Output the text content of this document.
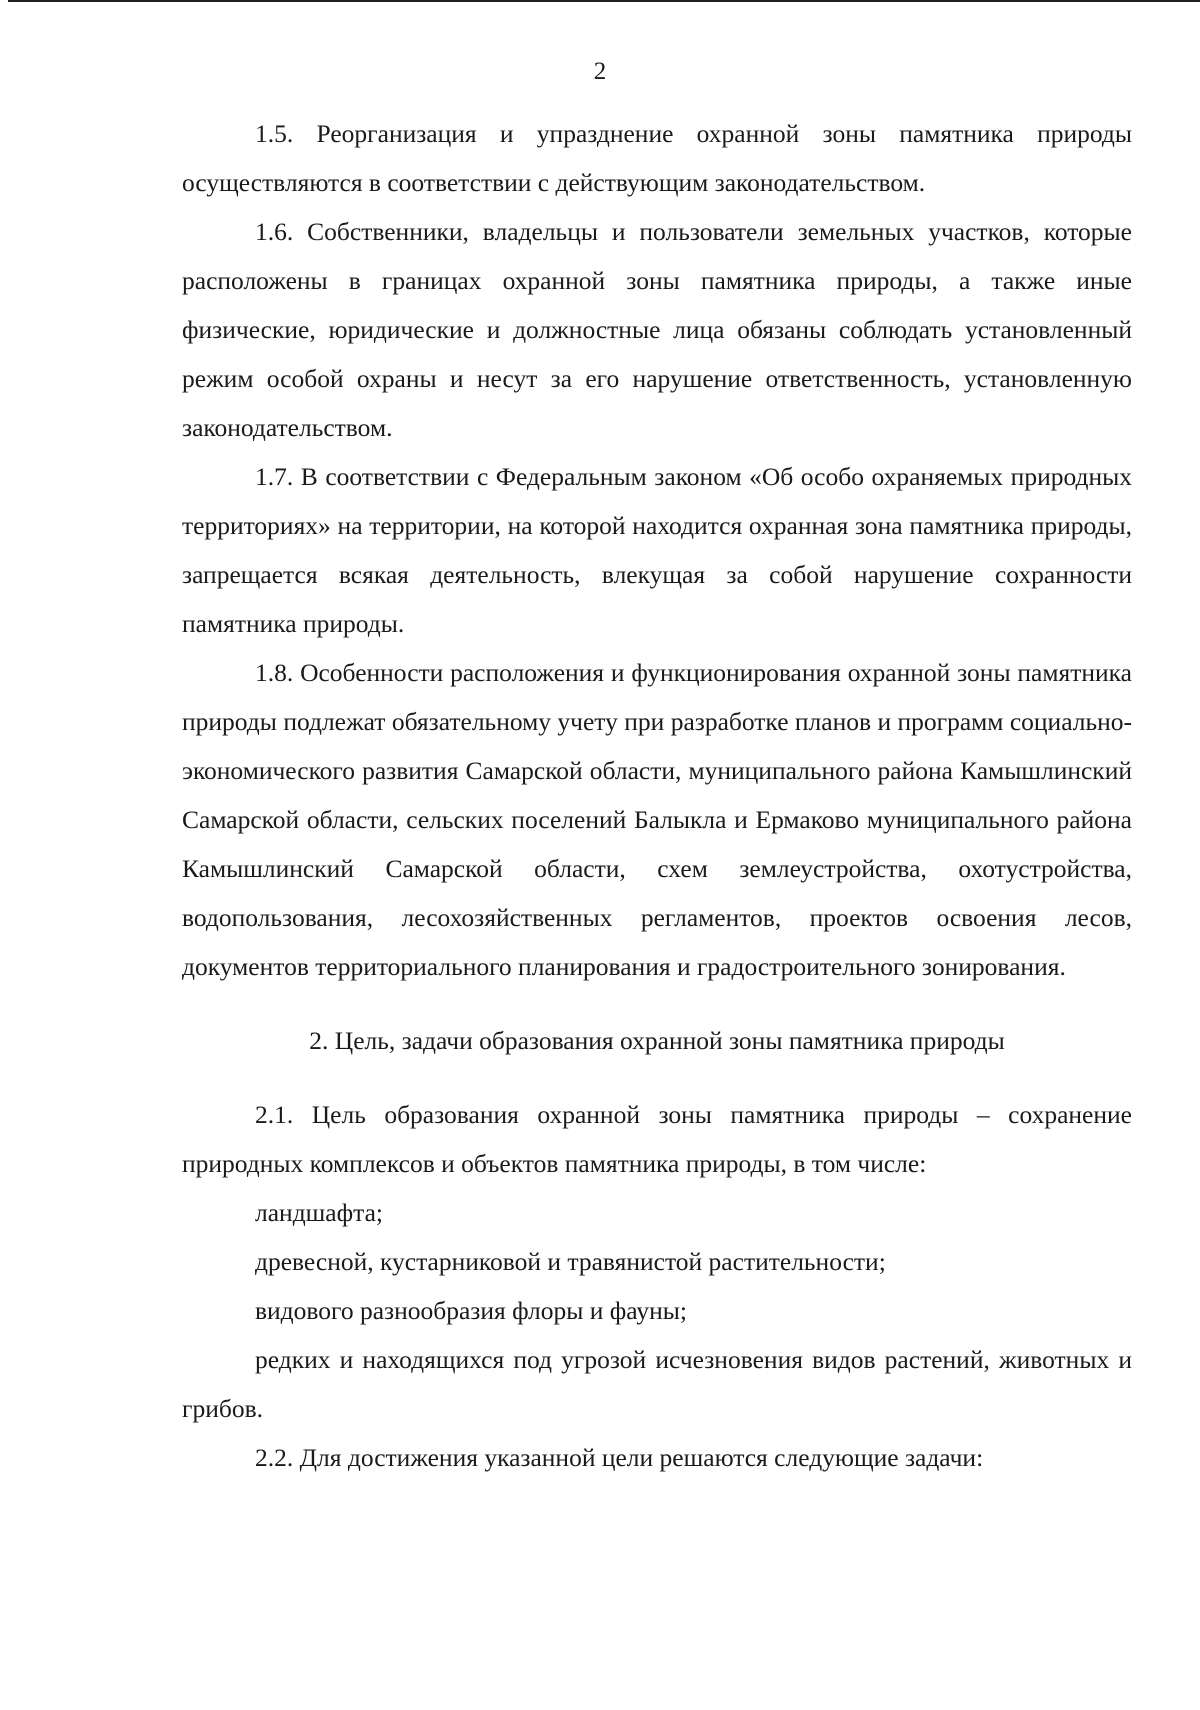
2

1.5. Реорганизация и упразднение охранной зоны памятника природы осуществляются в соответствии с действующим законодательством.

1.6. Собственники, владельцы и пользователи земельных участков, которые расположены в границах охранной зоны памятника природы, а также иные физические, юридические и должностные лица обязаны соблюдать установленный режим особой охраны и несут за его нарушение ответственность, установленную законодательством.

1.7. В соответствии с Федеральным законом «Об особо охраняемых природных территориях» на территории, на которой находится охранная зона памятника природы, запрещается всякая деятельность, влекущая за собой нарушение сохранности памятника природы.

1.8. Особенности расположения и функционирования охранной зоны памятника природы подлежат обязательному учету при разработке планов и программ социально-экономического развития Самарской области, муниципального района Камышлинский Самарской области, сельских поселений Балыкла и Ермаково муниципального района Камышлинский Самарской области, схем землеустройства, охотустройства, водопользования, лесохозяйственных регламентов, проектов освоения лесов, документов территориального планирования и градостроительного зонирования.

2. Цель, задачи образования охранной зоны памятника природы

2.1. Цель образования охранной зоны памятника природы – сохранение природных комплексов и объектов памятника природы, в том числе:

ландшафта;

древесной, кустарниковой и травянистой растительности;

видового разнообразия флоры и фауны;

редких и находящихся под угрозой исчезновения видов растений, животных и грибов.

2.2. Для достижения указанной цели решаются следующие задачи:
